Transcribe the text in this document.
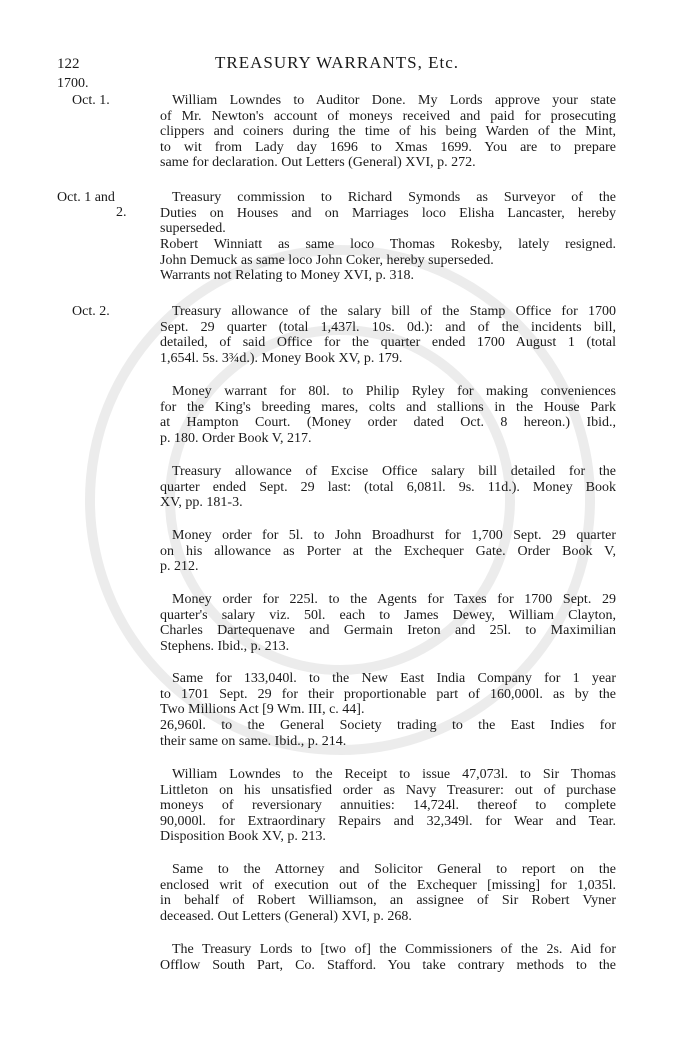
122	TREASURY WARRANTS, Etc.
1700.
Oct. 1.	William Lowndes to Auditor Done. My Lords approve your state
of Mr. Newton's account of moneys received and paid for prosecuting
clippers and coiners during the time of his being Warden of the Mint,
to wit from Lady day 1696 to Xmas 1699. You are to prepare
same for declaration. Out Letters (General) XVI, p. 272.

Oct. 1 and
2.

Treasury commission to Richard Symonds as Surveyor of the
Duties on Houses and on Marriages loco Elisha Lancaster, hereby
superseded.

Robert Winniatt as same loco Thomas Rokesby, lately resigned.
John Demuck as same loco John Coker, hereby superseded.
Warrants not Relating to Money XVI, p. 318.

Oct. 2.	Treasury allowance of the salary bill of the Stamp Office for 1700
Sept. 29 quarter (total 1,437l. 10s. 0d.): and of the incidents bill,
detailed, of said Office for the quarter ended 1700 August 1 (total
1,654l. 5s. 3¾d.). Money Book XV, p. 179.

Money warrant for 80l. to Philip Ryley for making conveniences
for the King's breeding mares, colts and stallions in the House Park
at Hampton Court. (Money order dated Oct. 8 hereon.) Ibid.,
p. 180. Order Book V, 217.

Treasury allowance of Excise Office salary bill detailed for the
quarter ended Sept. 29 last: (total 6,081l. 9s. 11d.). Money Book
XV, pp. 181-3.

Money order for 5l. to John Broadhurst for 1,700 Sept. 29 quarter
on his allowance as Porter at the Exchequer Gate. Order Book V,
p. 212.

Money order for 225l. to the Agents for Taxes for 1700 Sept. 29
quarter's salary viz. 50l. each to James Dewey, William Clayton,
Charles Dartequenave and Germain Ireton and 25l. to Maximilian
Stephens. Ibid., p. 213.

Same for 133,040l. to the New East India Company for 1 year
to 1701 Sept. 29 for their proportionable part of 160,000l. as by the
Two Millions Act [9 Wm. III, c. 44].

26,960l. to the General Society trading to the East Indies for
their same on same. Ibid., p. 214.

William Lowndes to the Receipt to issue 47,073l. to Sir Thomas
Littleton on his unsatisfied order as Navy Treasurer: out of purchase
moneys of reversionary annuities: 14,724l. thereof to complete
90,000l. for Extraordinary Repairs and 32,349l. for Wear and Tear.
Disposition Book XV, p. 213.

Same to the Attorney and Solicitor General to report on the
enclosed writ of execution out of the Exchequer [missing] for 1,035l.
in behalf of Robert Williamson, an assignee of Sir Robert Vyner
deceased. Out Letters (General) XVI, p. 268.

The Treasury Lords to [two of] the Commissioners of the 2s. Aid for
Offlow South Part, Co. Stafford. You take contrary methods to the
